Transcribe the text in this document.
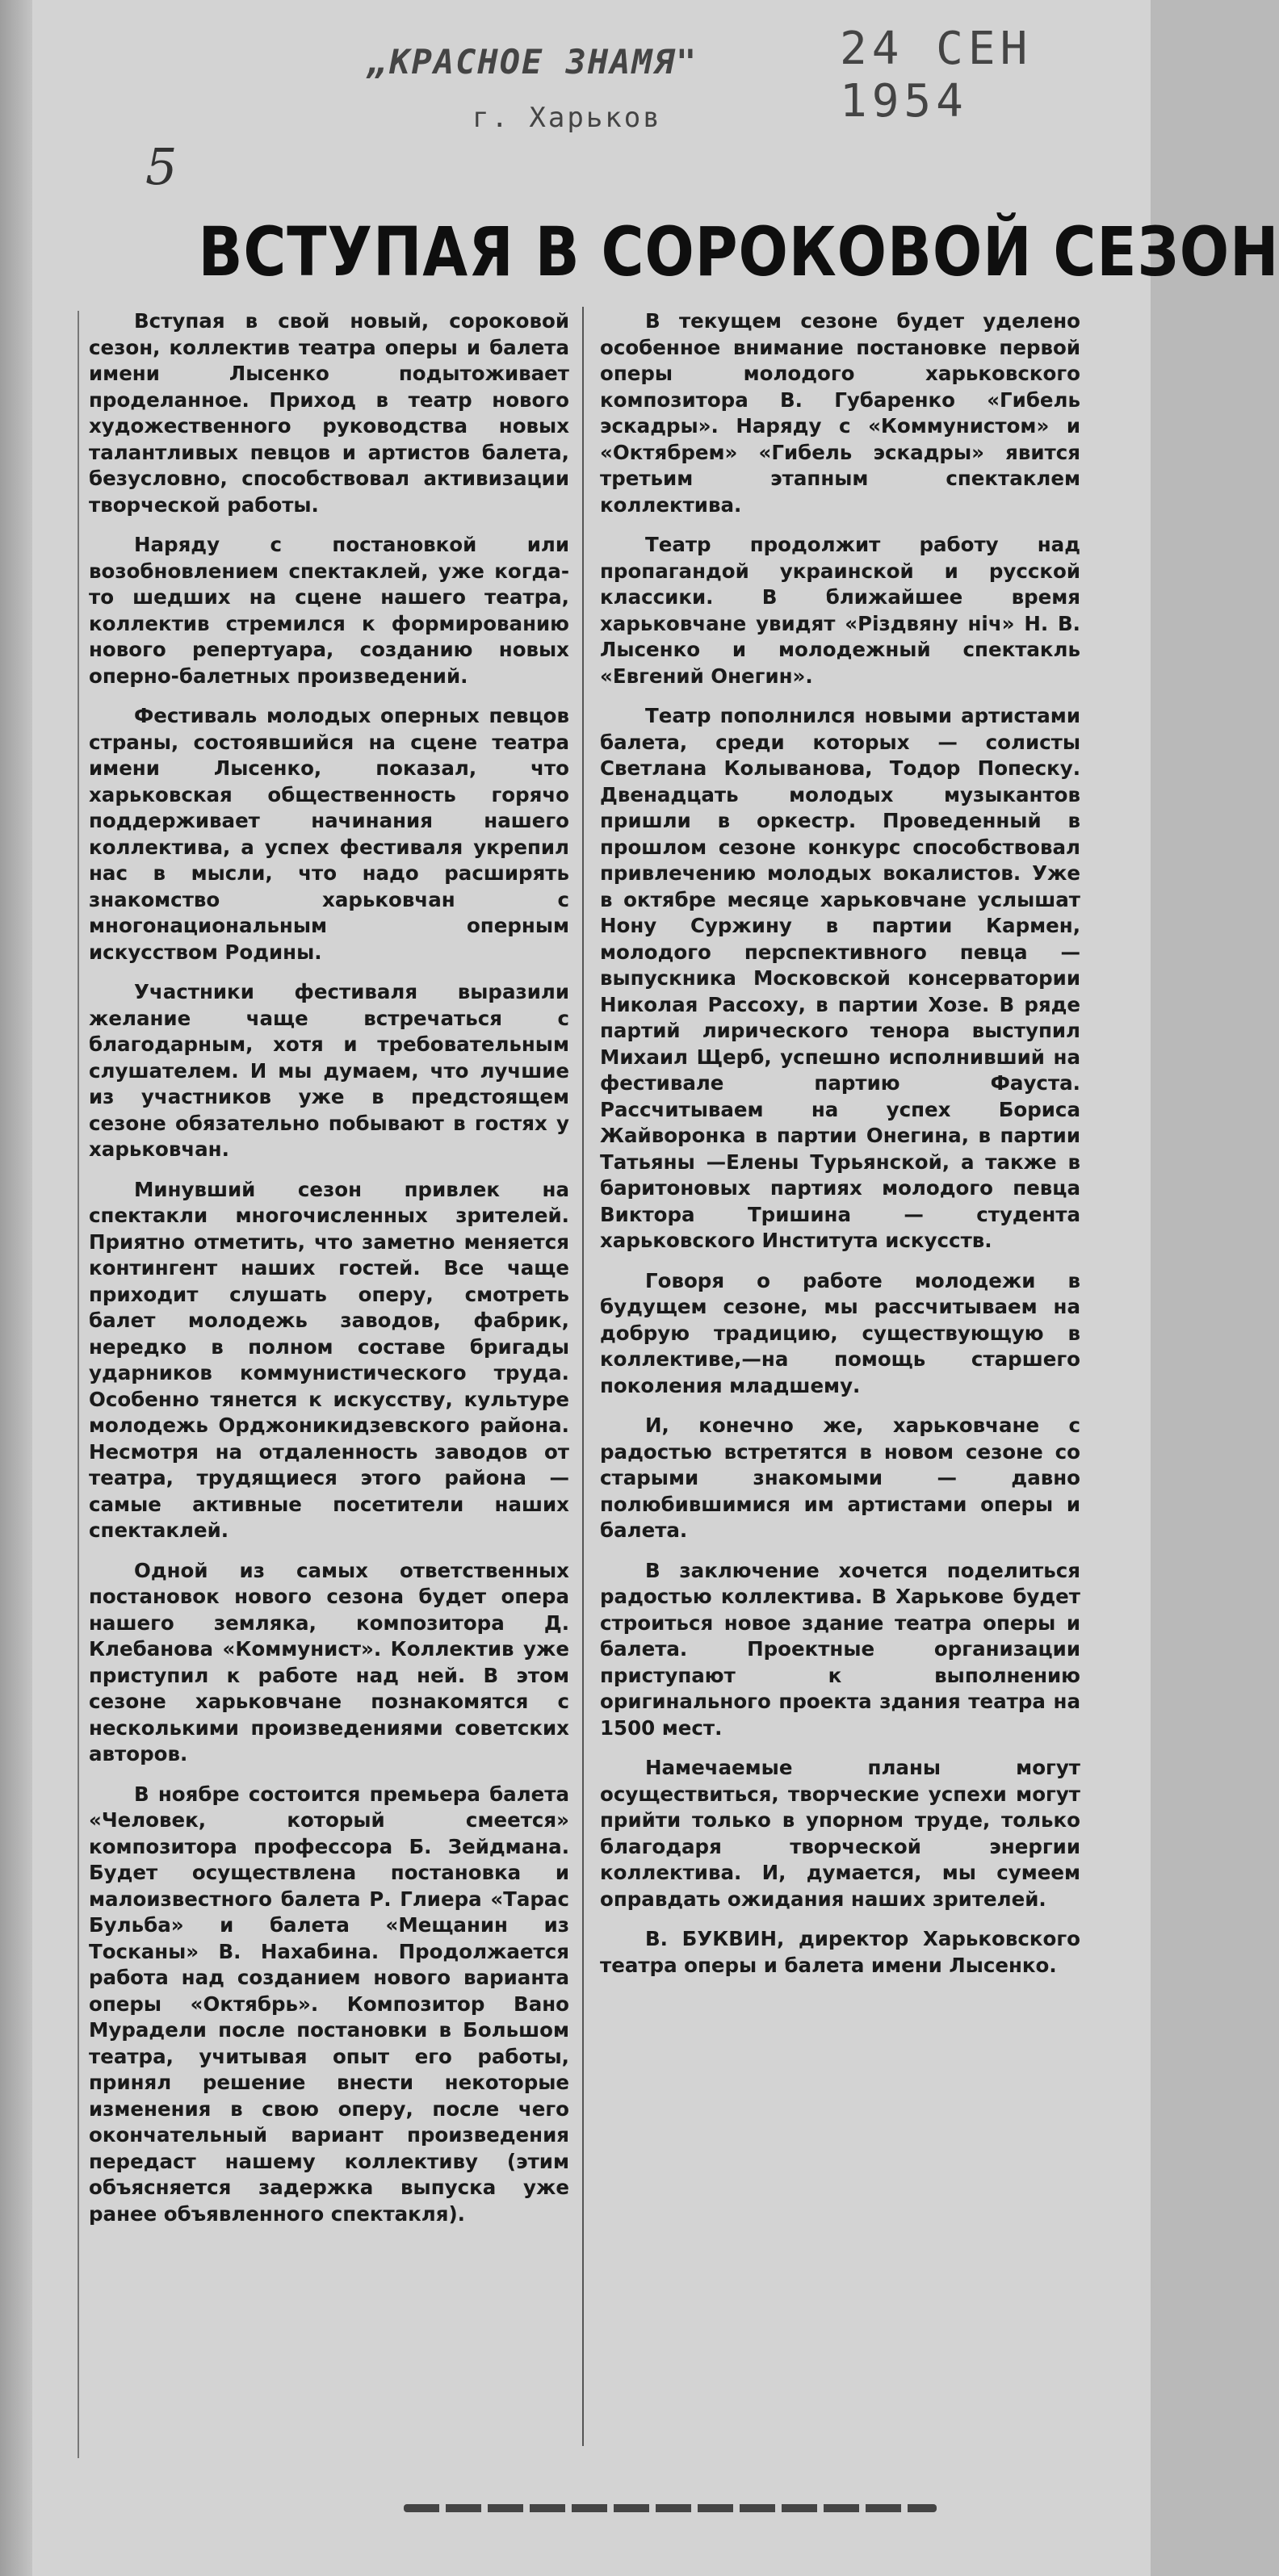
„КРАСНОЕ ЗНАМЯ"
г. Харьков
24 СЕН 1954
5
ВСТУПАЯ В СОРОКОВОЙ СЕЗОН

Вступая в свой новый, сороковой сезон, коллектив театра оперы и балета имени Лысенко подытоживает проделанное. Приход в театр нового художественного руководства новых талантливых певцов и артистов балета, безусловно, способствовал активизации творческой работы.

Наряду с постановкой или возобновлением спектаклей, уже когда-то шедших на сцене нашего театра, коллектив стремился к формированию нового репертуара, созданию новых оперно-балетных произведений.

Фестиваль молодых оперных певцов страны, состоявшийся на сцене театра имени Лысенко, показал, что харьковская общественность горячо поддерживает начинания нашего коллектива, а успех фестиваля укрепил нас в мысли, что надо расширять знакомство харьковчан с многонациональным оперным искусством Родины.

Участники фестиваля выразили желание чаще встречаться с благодарным, хотя и требовательным слушателем. И мы думаем, что лучшие из участников уже в предстоящем сезоне обязательно побывают в гостях у харьковчан.

Минувший сезон привлек на спектакли многочисленных зрителей. Приятно отметить, что заметно меняется контингент наших гостей. Все чаще приходит слушать оперу, смотреть балет молодежь заводов, фабрик, нередко в полном составе бригады ударников коммунистического труда. Особенно тянется к искусству, культуре молодежь Орджоникидзевского района. Несмотря на отдаленность заводов от театра, трудящиеся этого района — самые активные посетители наших спектаклей.

Одной из самых ответственных постановок нового сезона будет опера нашего земляка, композитора Д. Клебанова «Коммунист». Коллектив уже приступил к работе над ней. В этом сезоне харьковчане познакомятся с несколькими произведениями советских авторов.

В ноябре состоится премьера балета «Человек, который смеется» композитора профессора Б. Зейдмана. Будет осуществлена постановка и малоизвестного балета Р. Глиера «Тарас Бульба» и балета «Мещанин из Тосканы» В. Нахабина. Продолжается работа над созданием нового варианта оперы «Октябрь». Композитор Вано Мурадели после постановки в Большом театра, учитывая опыт его работы, принял решение внести некоторые изменения в свою оперу, после чего окончательный вариант произведения передаст нашему коллективу (этим объясняется задержка выпуска уже ранее объявленного спектакля).

В текущем сезоне будет уделено особенное внимание постановке первой оперы молодого харьковского композитора В. Губаренко «Гибель эскадры». Наряду с «Коммунистом» и «Октябрем» «Гибель эскадры» явится третьим этапным спектаклем коллектива.

Театр продолжит работу над пропагандой украинской и русской классики. В ближайшее время харьковчане увидят «Різдвяну ніч» Н. В. Лысенко и молодежный спектакль «Евгений Онегин».

Театр пополнился новыми артистами балета, среди которых — солисты Светлана Колыванова, Тодор Попеску. Двенадцать молодых музыкантов пришли в оркестр. Проведенный в прошлом сезоне конкурс способствовал привлечению молодых вокалистов. Уже в октябре месяце харьковчане услышат Нону Суржину в партии Кармен, молодого перспективного певца — выпускника Московской консерватории Николая Рассоху, в партии Хозе. В ряде партий лирического тенора выступил Михаил Щерб, успешно исполнивший на фестивале партию Фауста. Рассчитываем на успех Бориса Жайворонка в партии Онегина, в партии Татьяны —Елены Турьянской, а также в баритоновых партиях молодого певца Виктора Тришина — студента харьковского Института искусств.

Говоря о работе молодежи в будущем сезоне, мы рассчитываем на добрую традицию, существующую в коллективе,—на помощь старшего поколения младшему.

И, конечно же, харьковчане с радостью встретятся в новом сезоне со старыми знакомыми — давно полюбившимися им артистами оперы и балета.

В заключение хочется поделиться радостью коллектива. В Харькове будет строиться новое здание театра оперы и балета. Проектные организации приступают к выполнению оригинального проекта здания театра на 1500 мест.

Намечаемые планы могут осуществиться, творческие успехи могут прийти только в упорном труде, только благодаря творческой энергии коллектива. И, думается, мы сумеем оправдать ожидания наших зрителей.

В. БУКВИН, директор Харьковского театра оперы и балета имени Лысенко.
